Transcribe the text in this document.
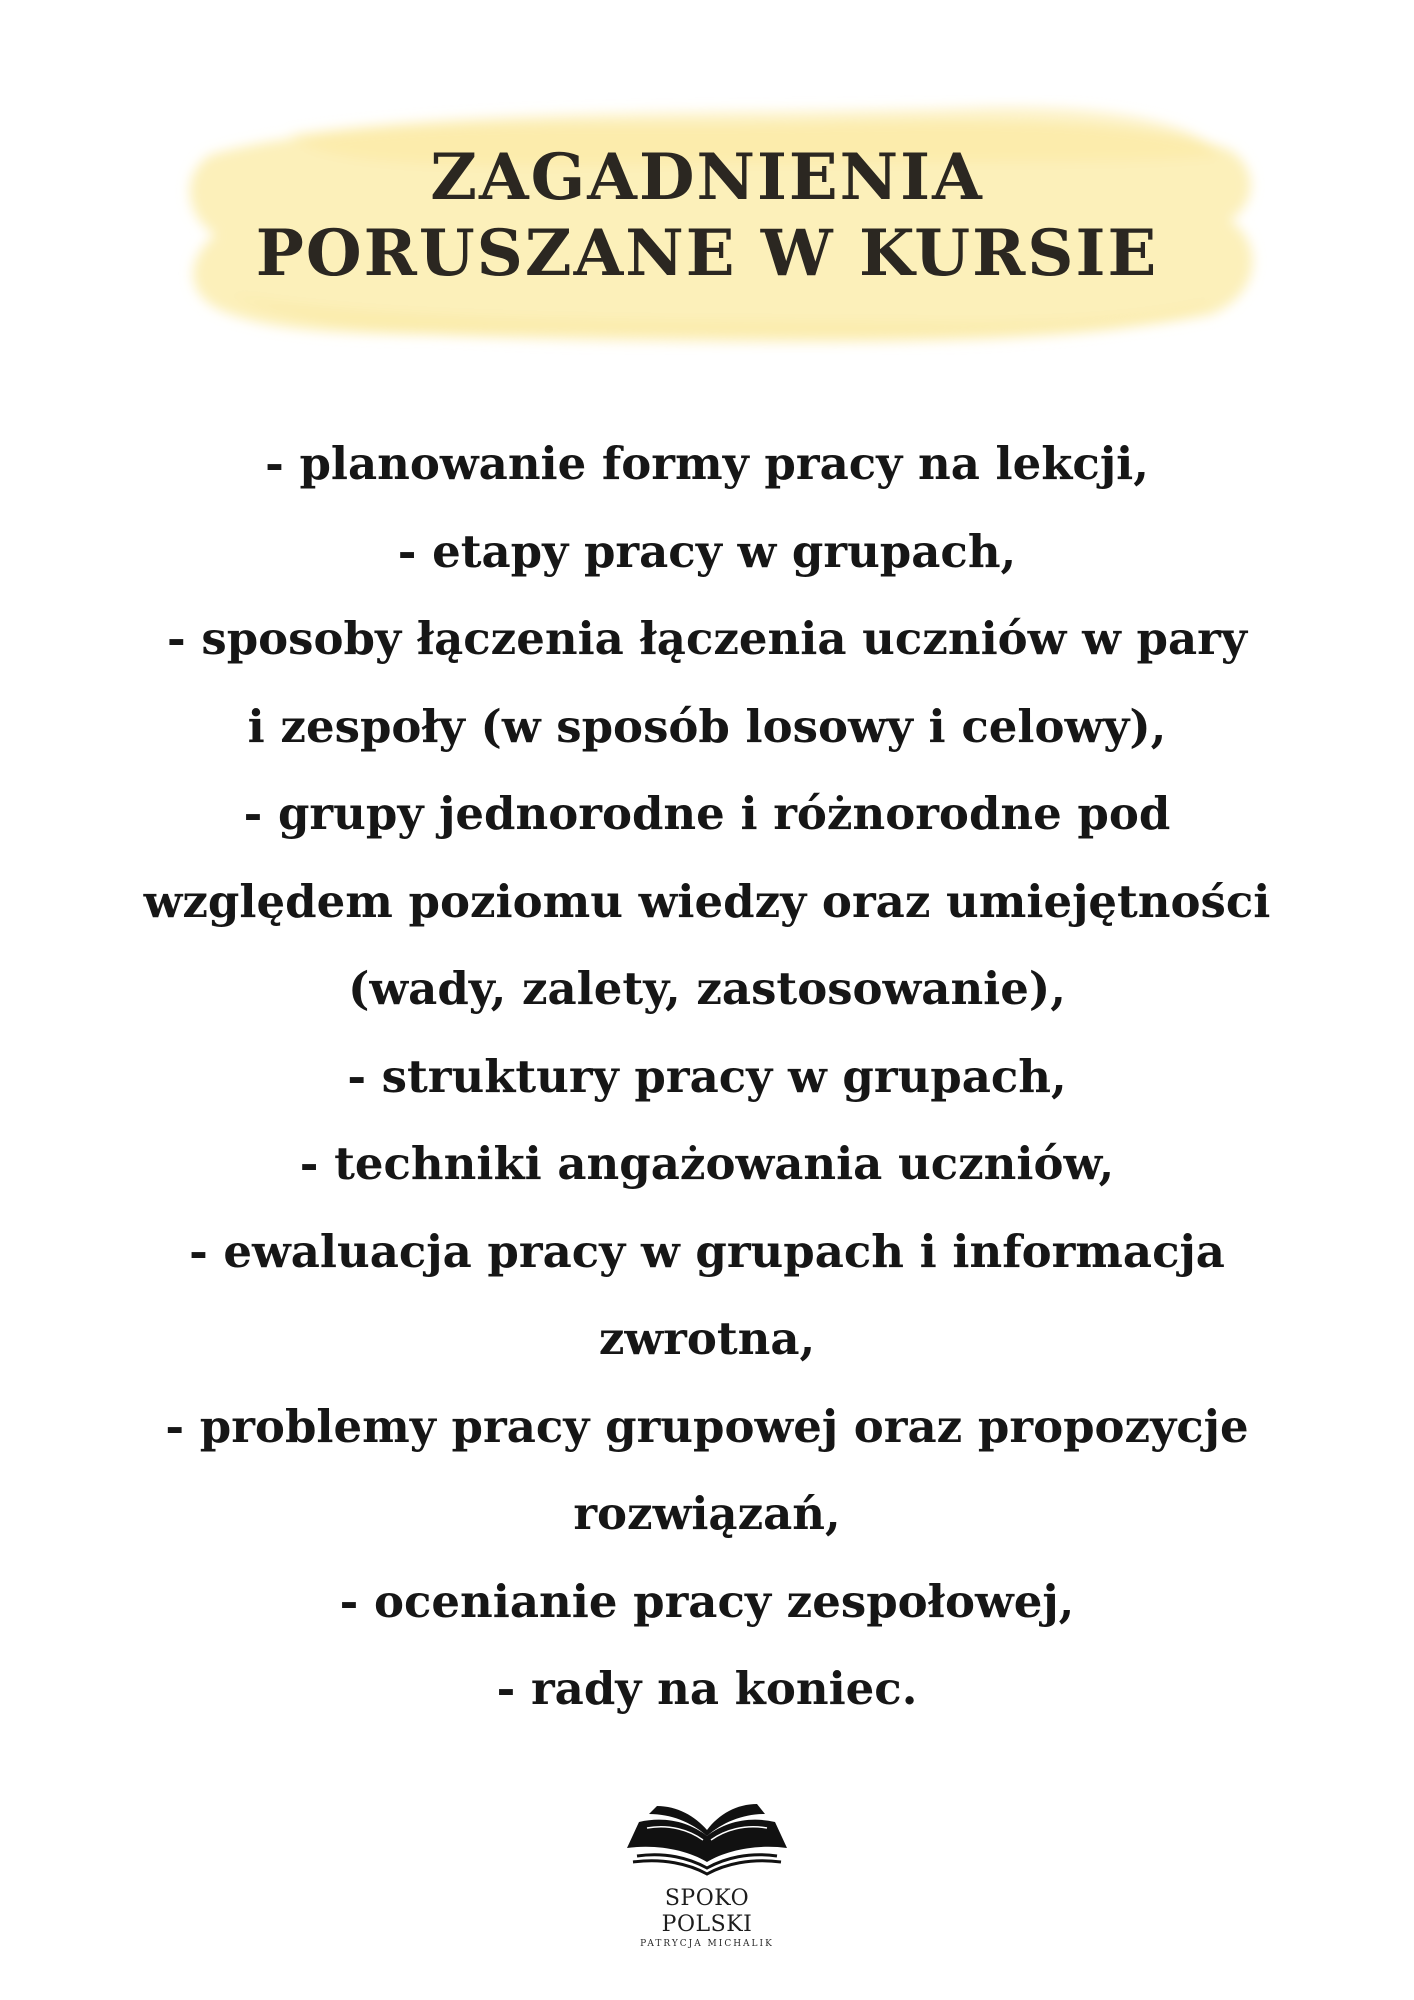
ZAGADNIENIA
PORUSZANE W KURSIE
- planowanie formy pracy na lekcji,
- etapy pracy w grupach,
- sposoby łączenia łączenia uczniów w pary
i zespoły (w sposób losowy i celowy),
- grupy jednorodne i różnorodne pod
względem poziomu wiedzy oraz umiejętności
(wady, zalety, zastosowanie),
- struktury pracy w grupach,
- techniki angażowania uczniów,
- ewaluacja pracy w grupach i informacja
zwrotna,
- problemy pracy grupowej oraz propozycje
rozwiązań,
- ocenianie pracy zespołowej,
- rady na koniec.
SPOKO POLSKI
PATRYCJA MICHALIK
